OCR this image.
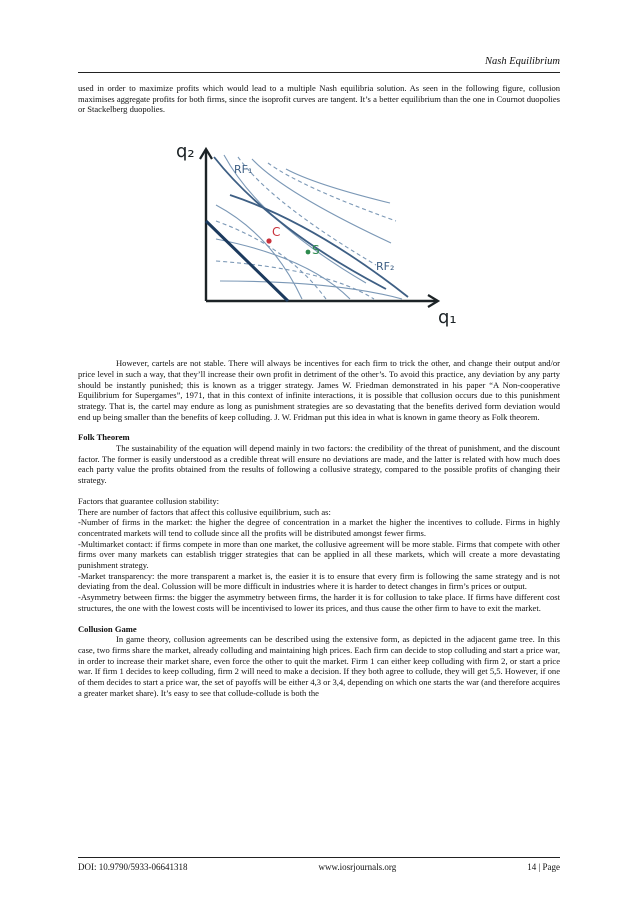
Nash Equilibrium

used in order to maximize profits which would lead to a multiple Nash equilibria solution. As seen in the following figure, collusion maximises aggregate profits for both firms, since the isoprofit curves are tangent. It’s a better equilibrium than the one in Cournot duopolies or Stackelberg duopolies.

q₂
q₁
RF₁
RF₂
C
S

However, cartels are not stable. There will always be incentives for each firm to trick the other, and change their output and/or price level in such a way, that they’ll increase their own profit in detriment of the other’s. To avoid this practice, any deviation by any party should be instantly punished; this is known as a trigger strategy. James W. Friedman demonstrated in his paper “A Non-cooperative Equilibrium for Supergames”, 1971, that in this context of infinite interactions, it is possible that collusion occurs due to this punishment strategy. That is, the cartel may endure as long as punishment strategies are so devastating that the benefits derived form deviation would end up being smaller than the benefits of keep colluding. J. W. Fridman put this idea in what is known in game theory as Folk theorem.

Folk Theorem

The sustainability of the equation will depend mainly in two factors: the credibility of the threat of punishment, and the discount factor. The former is easily understood as a credible threat will ensure no deviations are made, and the latter is related with how much does each party value the profits obtained from the results of following a collusive strategy, compared to the possible profits of changing their strategy.

Factors that guarantee collusion stability:

There are number of factors that affect this collusive equilibrium, such as:

-Number of firms in the market: the higher the degree of concentration in a market the higher the incentives to collude. Firms in highly concentrated markets will tend to collude since all the profits will be distributed amongst fewer firms.

-Multimarket contact: if firms compete in more than one market, the collusive agreement will be more stable. Firms that compete with other firms over many markets can establish trigger strategies that can be applied in all these markets, which will create a more devastating punishment strategy.

-Market transparency: the more transparent a market is, the easier it is to ensure that every firm is following the same strategy and is not deviating from the deal. Colussion will be more difficult in industries where it is harder to detect changes in firm’s prices or output.

-Asymmetry between firms: the bigger the asymmetry between firms, the harder it is for collusion to take place. If firms have different cost structures, the one with the lowest costs will be incentivised to lower its prices, and thus cause the other firm to have to exit the market.

Collusion Game

In game theory, collusion agreements can be described using the extensive form, as depicted in the adjacent game tree. In this case, two firms share the market, already colluding and maintaining high prices. Each firm can decide to stop colluding and start a price war, in order to increase their market share, even force the other to quit the market. Firm 1 can either keep colluding with firm 2, or start a price war. If firm 1 decides to keep colluding, firm 2 will need to make a decision. If they both agree to collude, they will get 5,5. However, if one of them decides to start a price war, the set of payoffs will be either 4,3 or 3,4, depending on which one starts the war (and therefore acquires a greater market share). It’s easy to see that collude-collude is both the

DOI: 10.9790/5933-06641318	www.iosrjournals.org	14 | Page
